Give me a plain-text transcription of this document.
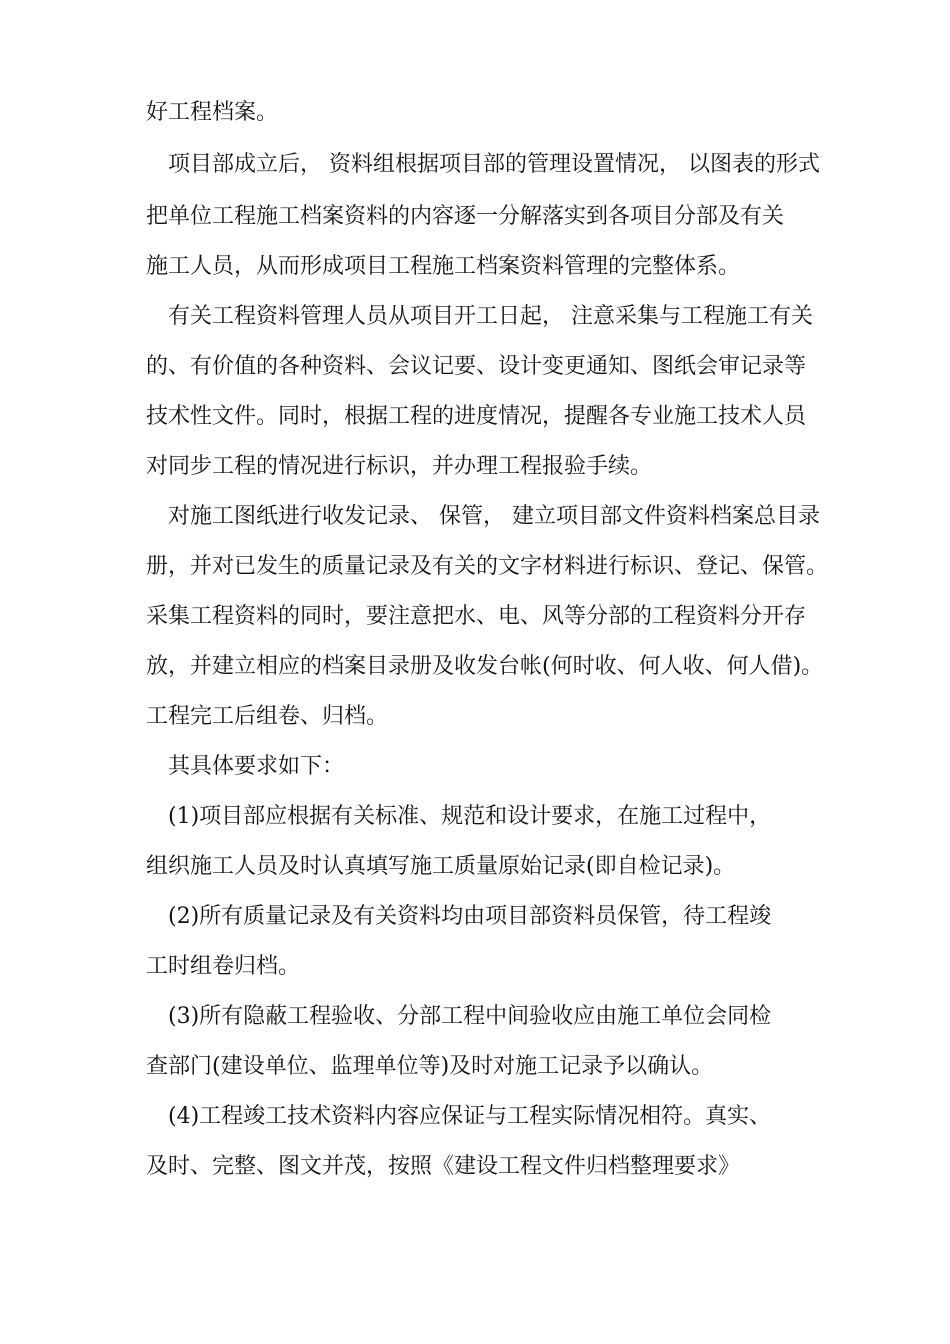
好工程档案。
项目部成立后， 资料组根据项目部的管理设置情况， 以图表的形式
把单位工程施工档案资料的内容逐一分解落实到各项目分部及有关
施工人员，从而形成项目工程施工档案资料管理的完整体系。
有关工程资料管理人员从项目开工日起， 注意采集与工程施工有关
的、有价值的各种资料、会议记要、设计变更通知、图纸会审记录等
技术性文件。同时，根据工程的进度情况，提醒各专业施工技术人员
对同步工程的情况进行标识，并办理工程报验手续。
对施工图纸进行收发记录、 保管， 建立项目部文件资料档案总目录
册，并对已发生的质量记录及有关的文字材料进行标识、登记、保管。
采集工程资料的同时，要注意把水、电、风等分部的工程资料分开存
放，并建立相应的档案目录册及收发台帐(何时收、何人收、何人借)。
工程完工后组卷、归档。
其具体要求如下：
(1)项目部应根据有关标准、规范和设计要求，在施工过程中，
组织施工人员及时认真填写施工质量原始记录(即自检记录)。
(2)所有质量记录及有关资料均由项目部资料员保管，待工程竣
工时组卷归档。
(3)所有隐蔽工程验收、分部工程中间验收应由施工单位会同检
查部门(建设单位、监理单位等)及时对施工记录予以确认。
(4)工程竣工技术资料内容应保证与工程实际情况相符。真实、
及时、完整、图文并茂，按照《建设工程文件归档整理要求》
